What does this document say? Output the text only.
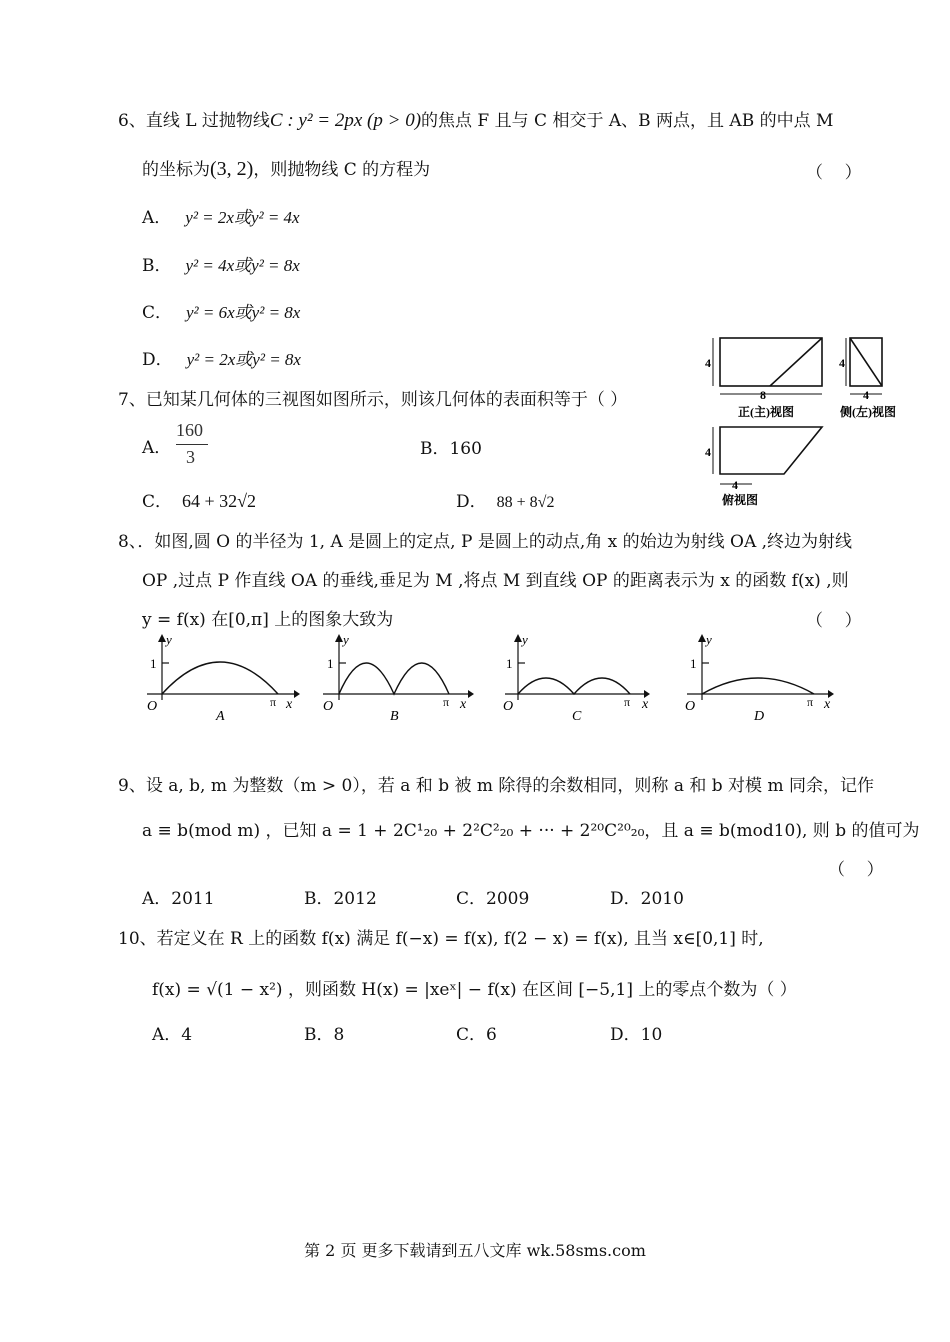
6、直线 L 过抛物线C : y² = 2px (p > 0)的焦点 F 且与 C 相交于 A、B 两点，且 AB 的中点 M
的坐标为(3, 2)，则抛物线 C 的方程为	（    ）
A． y² = 2x或y² = 4x
B． y² = 4x或y² = 8x
C． y² = 6x或y² = 8x
D． y² = 2x或y² = 8x	4
8
正(主)视图
4
4
侧(左)视图
4
4
俯视图
7、已知某几何体的三视图如图所示，则该几何体的表面积等于（ ）
A．
160
3	B．160
C． 64 + 32√2	D． 88 + 8√2
8、．如图,圆 O 的半径为 1, A 是圆上的定点, P 是圆上的动点,角 x 的始边为射线 OA ,终边为射线
OP ,过点 P 作直线 OA 的垂线,垂足为 M ,将点 M 到直线 OP 的距离表示为 x 的函数 f(x) ,则
y = f(x) 在[0,π] 上的图象大致为	（    ）
y
1
O	π x
A
y
1
O	π x
B
y
1
O	π x
C
y
1
O	π x
D
9、设 a, b, m 为整数（m > 0），若 a 和 b 被 m 除得的余数相同，则称 a 和 b 对模 m 同余，记作
a ≡ b(mod m) ，已知 a = 1 + 2C¹₂₀ + 2²C²₂₀ + ··· + 2²⁰C²⁰₂₀，且 a ≡ b(mod10), 则 b 的值可为
（    ）
A．2011	B．2012	C．2009	D．2010
10、若定义在 R 上的函数 f(x) 满足 f(−x) = f(x), f(2 − x) = f(x), 且当 x∈[0,1] 时,
f(x) = √(1 − x²) ，则函数 H(x) = |xeˣ| − f(x) 在区间 [−5,1] 上的零点个数为（ ）
A．4	B．8	C．6	D．10
第 2 页 更多下载请到五八文库 wk.58sms.com
